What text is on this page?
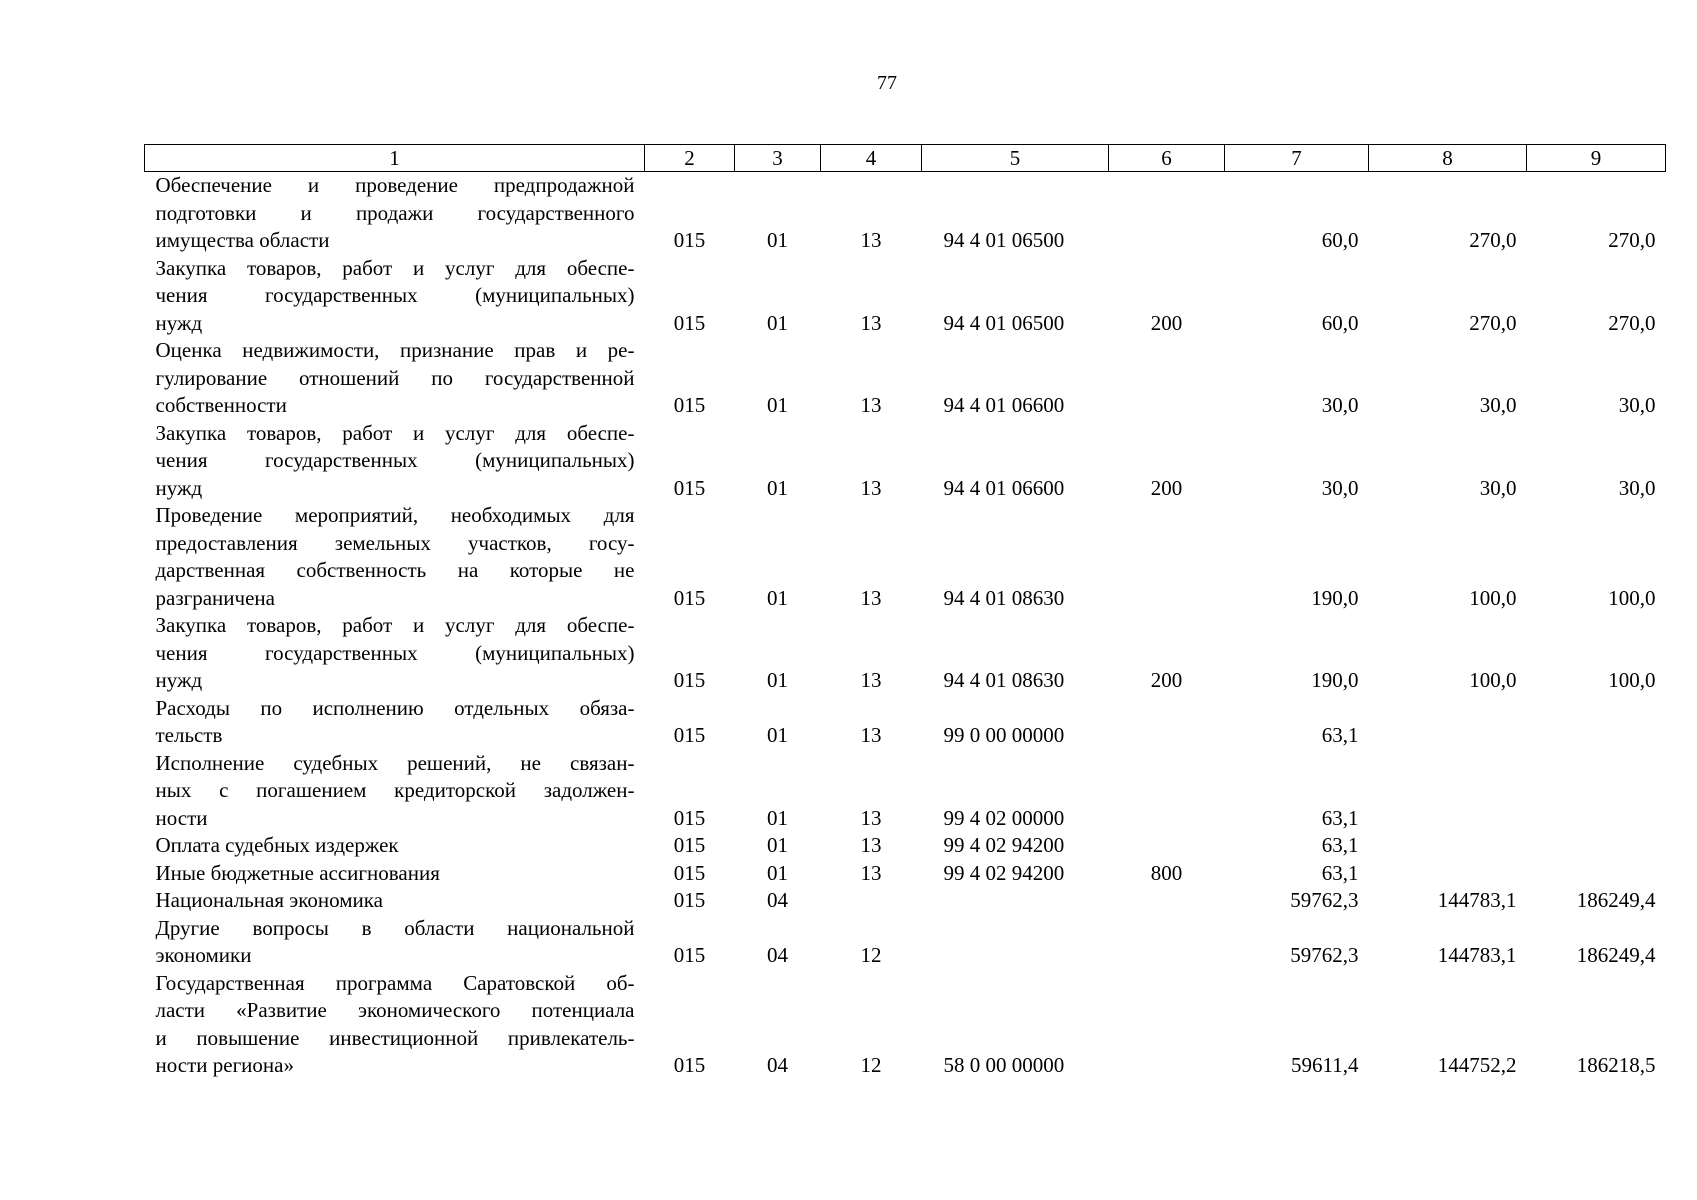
77
1	2	3	4	5	6	7	8	9

Обеспечение и проведение предпродажной
подготовки и продажи государственного
имущества области	015	01	13	94 4 01 06500		60,0	270,0	270,0

Закупка товаров, работ и услуг для обеспе-
чения государственных (муниципальных)
нужд	015	01	13	94 4 01 06500	200	60,0	270,0	270,0

Оценка недвижимости, признание прав и ре-
гулирование отношений по государственной
собственности	015	01	13	94 4 01 06600		30,0	30,0	30,0

Закупка товаров, работ и услуг для обеспе-
чения государственных (муниципальных)
нужд	015	01	13	94 4 01 06600	200	30,0	30,0	30,0

Проведение мероприятий, необходимых для
предоставления земельных участков, госу-
дарственная собственность на которые не
разграничена	015	01	13	94 4 01 08630		190,0	100,0	100,0

Закупка товаров, работ и услуг для обеспе-
чения государственных (муниципальных)
нужд	015	01	13	94 4 01 08630	200	190,0	100,0	100,0

Расходы по исполнению отдельных обяза-
тельств	015	01	13	99 0 00 00000		63,1		

Исполнение судебных решений, не связан-
ных с погашением кредиторской задолжен-
ности	015	01	13	99 4 02 00000		63,1		

Оплата судебных издержек	015	01	13	99 4 02 94200		63,1		

Иные бюджетные ассигнования	015	01	13	99 4 02 94200	800	63,1		

Национальная экономика	015	04				59762,3	144783,1	186249,4

Другие вопросы в области национальной
экономики	015	04	12			59762,3	144783,1	186249,4

Государственная программа Саратовской об-
ласти «Развитие экономического потенциала
и повышение инвестиционной привлекатель-
ности региона»	015	04	12	58 0 00 00000		59611,4	144752,2	186218,5
